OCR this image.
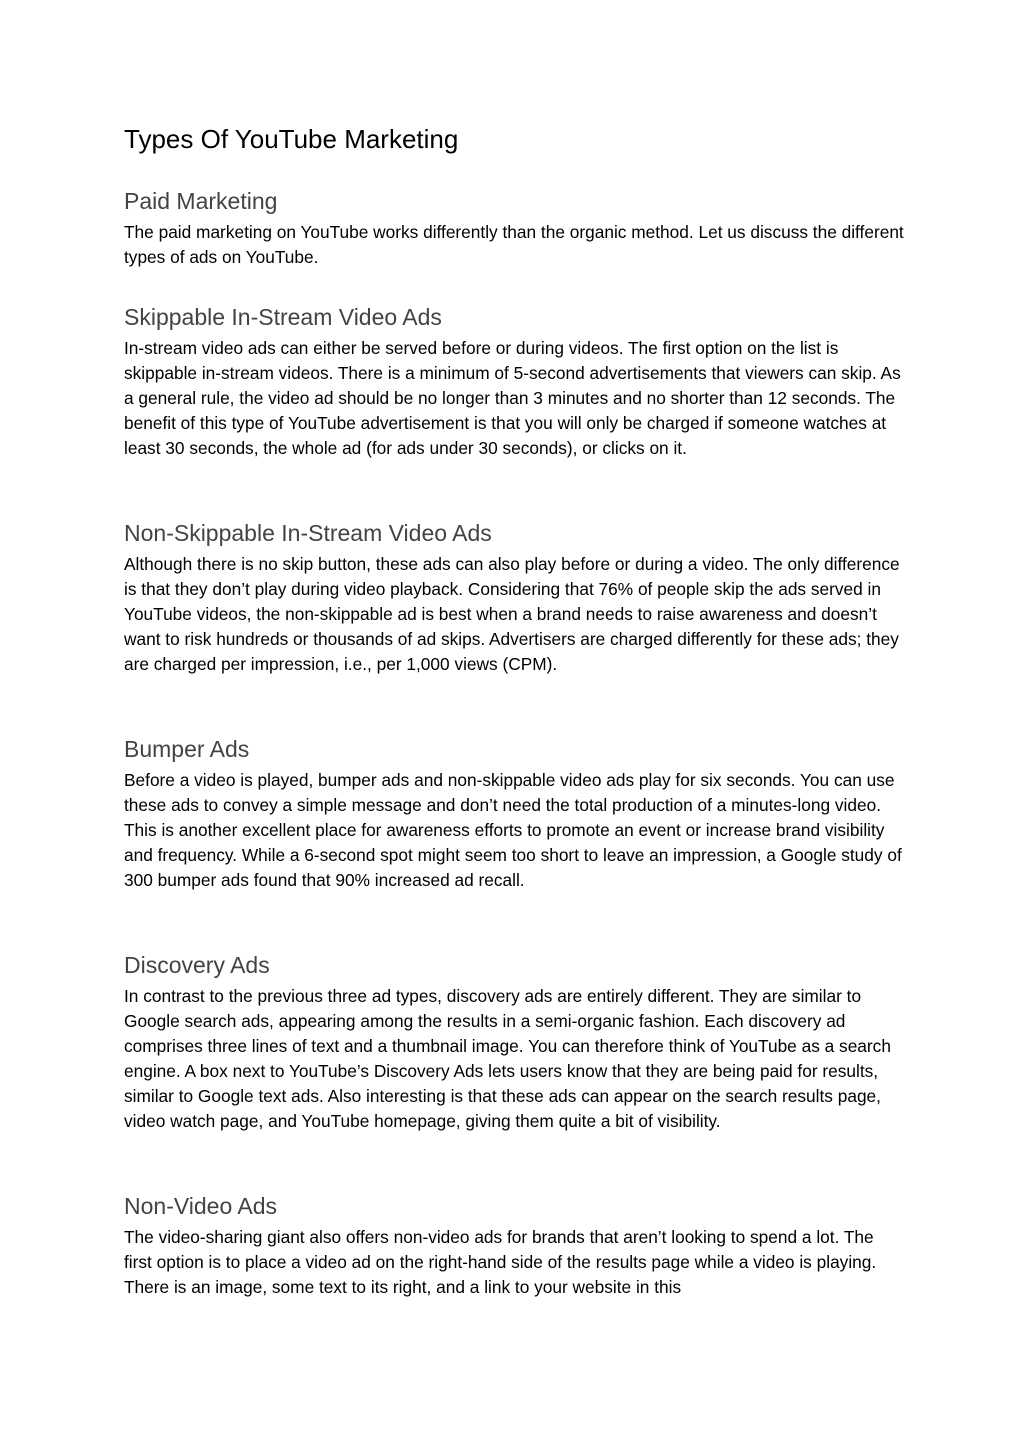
Types Of YouTube Marketing
Paid Marketing

The paid marketing on YouTube works differently than the organic method. Let us discuss the different types of ads on YouTube.

Skippable In-Stream Video Ads

In-stream video ads can either be served before or during videos. The first option on the list is skippable in-stream videos. There is a minimum of 5-second advertisements that viewers can skip. As a general rule, the video ad should be no longer than 3 minutes and no shorter than 12 seconds. The benefit of this type of YouTube advertisement is that you will only be charged if someone watches at least 30 seconds, the whole ad (for ads under 30 seconds), or clicks on it.

Non-Skippable In-Stream Video Ads

Although there is no skip button, these ads can also play before or during a video. The only difference is that they don’t play during video playback. Considering that 76% of people skip the ads served in YouTube videos, the non-skippable ad is best when a brand needs to raise awareness and doesn’t want to risk hundreds or thousands of ad skips. Advertisers are charged differently for these ads; they are charged per impression, i.e., per 1,000 views (CPM).

Bumper Ads

Before a video is played, bumper ads and non-skippable video ads play for six seconds. You can use these ads to convey a simple message and don’t need the total production of a minutes-long video. This is another excellent place for awareness efforts to promote an event or increase brand visibility and frequency. While a 6-second spot might seem too short to leave an impression, a Google study of 300 bumper ads found that 90% increased ad recall.

Discovery Ads

In contrast to the previous three ad types, discovery ads are entirely different. They are similar to Google search ads, appearing among the results in a semi-organic fashion. Each discovery ad comprises three lines of text and a thumbnail image. You can therefore think of YouTube as a search engine. A box next to YouTube’s Discovery Ads lets users know that they are being paid for results, similar to Google text ads. Also interesting is that these ads can appear on the search results page, video watch page, and YouTube homepage, giving them quite a bit of visibility.

Non-Video Ads

The video-sharing giant also offers non-video ads for brands that aren’t looking to spend a lot. The first option is to place a video ad on the right-hand side of the results page while a video is playing. There is an image, some text to its right, and a link to your website in this
